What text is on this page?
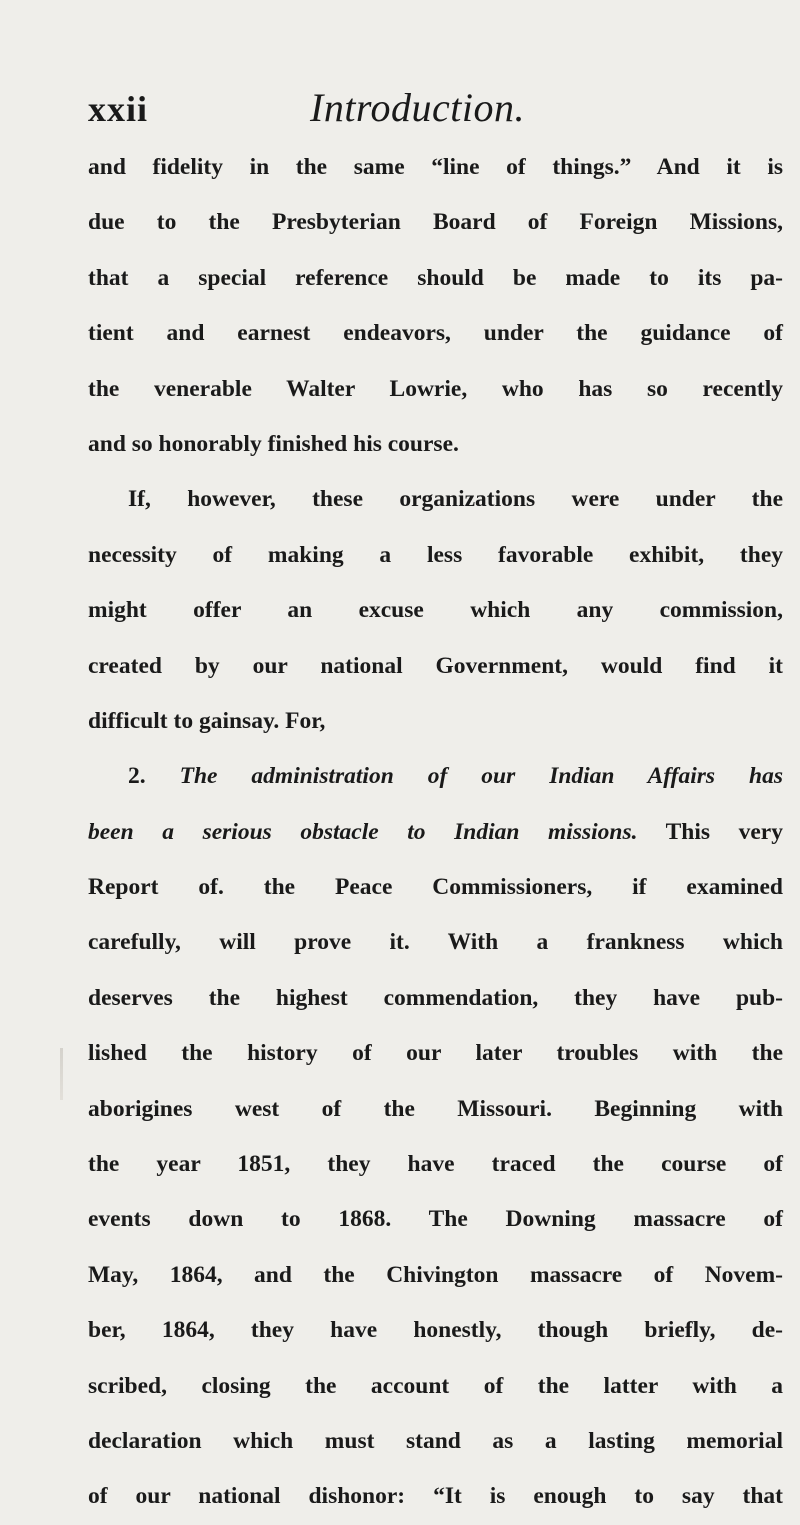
xxii	Introduction.
and fidelity in the same “line of things.” And it is
due to the Presbyterian Board of Foreign Missions,
that a special reference should be made to its pa-
tient and earnest endeavors, under the guidance of
the venerable Walter Lowrie, who has so recently
and so honorably finished his course.
If, however, these organizations were under the
necessity of making a less favorable exhibit, they
might offer an excuse which any commission,
created by our national Government, would find it
difficult to gainsay. For,
2. The administration of our Indian Affairs has
been a serious obstacle to Indian missions. This very
Report of. the Peace Commissioners, if examined
carefully, will prove it. With a frankness which
deserves the highest commendation, they have pub-
lished the history of our later troubles with the
aborigines west of the Missouri. Beginning with
the year 1851, they have traced the course of
events down to 1868. The Downing massacre of
May, 1864, and the Chivington massacre of Novem-
ber, 1864, they have honestly, though briefly, de-
scribed, closing the account of the latter with a
declaration which must stand as a lasting memorial
of our national dishonor: “It is enough to say that
